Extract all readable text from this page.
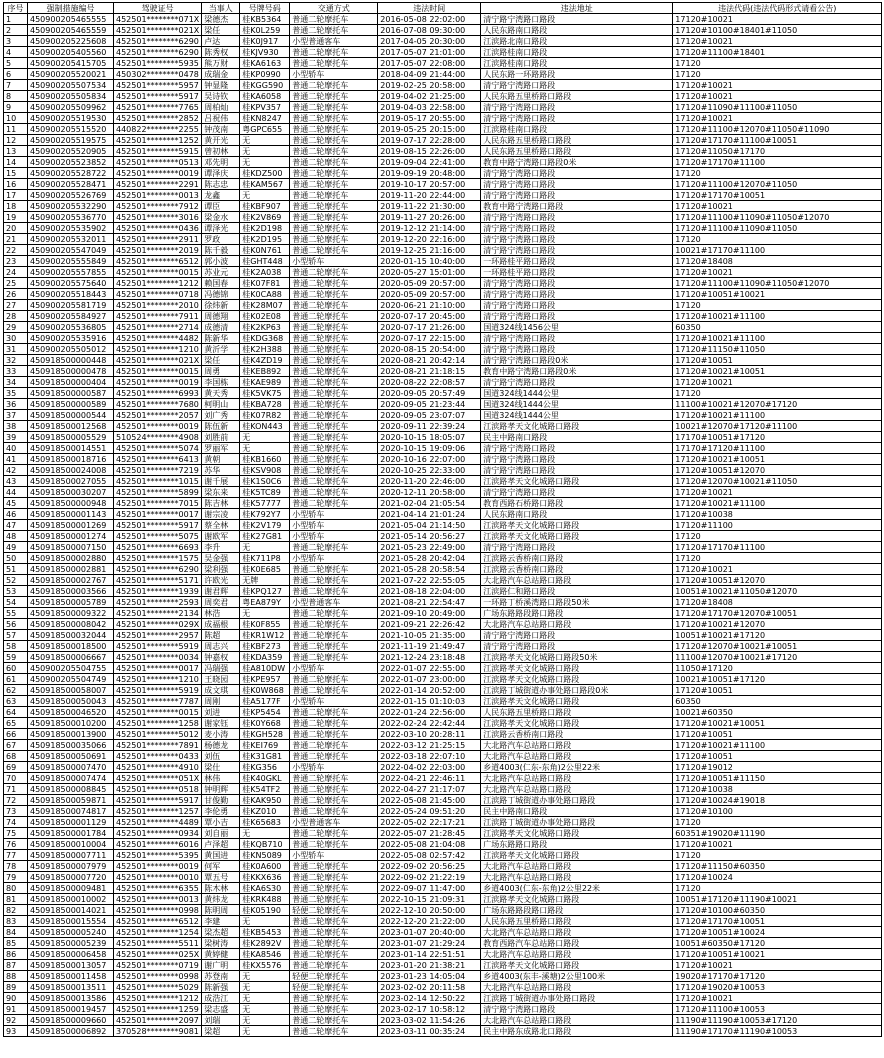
序号	强制措施编号	驾驶证号	当事人	号牌号码	交通方式	违法时间	违法地址	违法代码(违法代码形式请看公告)
1	450900205465555	452501********071X	梁德杰	桂KB5364	普通二轮摩托车	2016-05-08 22:02:00	清宁路宁湾路口路段	17120#10021
2	450900205465559	452501********021X	梁任	桂K0L259	普通二轮摩托车	2016-07-08 09:30:00	人民东路南口路段	17120#10100#18401#11050
3	450900205225608	452501********6290	卢达	桂K0J917	小型普通客车	2017-04-05 20:30:00	江滨路北南口路段	17120#10021
4	450900205405560	452501********6290	陈秀权	桂KJV930	普通二轮摩托车	2017-05-07 21:01:00	江滨路桂南口路段	17120#11100#18401
5	450900205415705	452501********5935	熊万财	桂KA6163	普通二轮摩托车	2017-05-07 22:08:00	江滨路桂南口路段	17120
6	450900205520021	450302********0478	成瑞金	桂KP0990	小型轿车	2018-04-09 21:44:00	人民东路一环路路段	17120
7	450900205507534	452501********5957	钟显隆	桂KGG590	普通二轮摩托车	2019-02-25 20:58:00	清宁路宁湾路口路段	17120#10021
8	450900205505834	452501********5917	吴诗钦	桂KA6058	普通二轮摩托车	2019-04-02 21:25:00	人民东路五里桥路口路段	17120#10021
9	450900205509962	452501********7765	周柏灿	桂KPV357	普通二轮摩托车	2019-04-03 22:58:00	清宁路宁湾路口路段	17120#11090#11100#11050
10	450900205519530	452501********2852	吕祝伟	桂KN8247	普通二轮摩托车	2019-05-17 20:55:00	清宁路宁湾路口路段	17120#10021
11	450900205515520	440822********2255	钟茂南	粤GPC655	普通二轮摩托车	2019-05-25 20:15:00	江滨路桂南口路段	17120#11100#12070#11050#11090
12	450900205519575	452501********1252	黄开光	无	普通二轮摩托车	2019-07-17 22:28:00	人民东路五里桥路口路段	17120#17170#11100#10051
13	450900205520905	452501********5915	曾初林	无	普通二轮摩托车	2019-08-15 22:26:00	人民东路五里桥路口路段	17120#11050#17170
14	450900205523852	452501********0513	邓先明	无	普通二轮摩托车	2019-09-04 22:41:00	教育中路宁湾路口路段0米	17120#17170#11100
15	450900205528722	452501********0019	谭泽庆	桂KDZ500	普通二轮摩托车	2019-09-19 20:48:00	清宁路宁湾路口路段	17120
16	450900205528471	452501********2291	陈志忠	桂KAM567	普通二轮摩托车	2019-10-17 20:57:00	清宁路宁湾路口路段	17120#11100#12070#11050
17	450900205526769	452501********0013	龙鑫	无	普通二轮摩托车	2019-11-20 22:44:00	清宁路宁湾路口路段	17120#17170#10051
18	450900205532290	452501********7912	谭臣	桂KBF907	普通二轮摩托车	2019-11-22 21:30:00	教育中路宁湾路口路段	17120#10021
19	450900205536770	452501********3016	梁金水	桂K2V869	普通二轮摩托车	2019-11-27 20:26:00	清宁路宁湾路口路段	17120#11100#11090#11050#12070
20	450900205535902	452501********0436	谭泽光	桂K2D198	普通二轮摩托车	2019-12-12 21:14:00	清宁路宁湾路口路段	17120#11100#11090#11050
21	450900205532011	452501********2911	罗政	桂K2D195	普通二轮摩托车	2019-12-20 22:16:00	清宁路宁湾路口路段	17120
22	450900205547049	452501********2019	陈千毅	桂K0N761	普通二轮摩托车	2019-12-25 21:16:00	清宁路宁湾路口路段	10021#17170#11100
23	450900205555849	452501********6512	郭小波	桂GHT448	小型轿车	2020-01-15 10:40:00	一环路桂平路口路段	17120#18408
24	450900205557855	452501********0015	苏业元	桂K2A038	普通二轮摩托车	2020-05-27 15:01:00	一环路桂平路口路段	17120#10021
25	450900205575640	452501********1212	赖国春	桂K07F81	普通二轮摩托车	2020-05-09 20:57:00	清宁路宁湾路口路段	17120#11100#11090#11050#12070
26	450900205518443	452501********0718	冯德锦	桂K0CA88	普通二轮摩托车	2020-05-09 20:57:00	清宁路宁湾路口路段	17120#10051#10021
27	450900205581719	452501********2010	徐炜新	桂K28M07	普通二轮摩托车	2020-06-21 21:10:00	清宁路宁湾路口路段	17120
28	450900205584927	452501********7911	周德翔	桂K02E08	普通二轮摩托车	2020-07-17 20:45:00	清宁路宁湾路口路段	17120#10021#11100
29	450900205536805	452501********2714	成德清	桂K2KP63	普通二轮摩托车	2020-07-17 21:26:00	国道324线1456公里	60350
30	450900205535916	452501********4482	陈新华	桂KDG368	普通二轮摩托车	2020-07-17 22:15:00	清宁路宁湾路口路段	17120#10021#11100
31	450900205505012	452501********1210	黄沂学	桂K2H388	普通二轮摩托车	2020-08-15 20:54:00	清宁路宁湾路口路段	17120#11150#11050
32	450918500000448	452501********021X	梁任	桂K4ZD19	普通二轮摩托车	2020-08-21 20:42:14	清宁路宁湾路口路段0米	17120#10051
33	450918500000478	452501********0015	周勇	桂KEB892	普通二轮摩托车	2020-08-21 21:18:15	教育中路宁湾路口路段0米	17120#10021#10051
34	450918500000404	452501********0019	李国栋	桂KAE989	普通二轮摩托车	2020-08-22 22:08:57	清宁路宁湾路口路段	17120#10021
35	450918500000587	452501********6993	黄天秀	桂K5VK75	普通二轮摩托车	2020-09-05 20:57:49	国道324线1444公里	17120
36	450918500000589	452501********7680	柯明山	桂KBA728	普通二轮摩托车	2020-09-05 21:23:44	国道324线1444公里	11100#10021#12070#17120
37	450918500000544	452501********2057	刘广秀	桂K07R82	普通二轮摩托车	2020-09-05 23:07:07	国道324线1444公里	17120#10021#11100
38	450918500012568	452501********0019	陈伍新	桂KON443	普通二轮摩托车	2020-09-11 22:39:24	江滨路孝天文化城路口路段	10021#12070#17120#11100
39	450918500005529	510524********4908	刘胜前	无	普通二轮摩托车	2020-10-15 18:05:07	民主中路南口路段	17170#10051#17120
40	450918500014551	452501********5074	罗丽军	无	普通二轮摩托车	2020-10-15 19:09:06	清宁路宁湾路口路段	17170#17120#11100
41	450918500018716	452501********6413	黄朝	桂KB1660	普通二轮摩托车	2020-10-16 22:07:00	清宁路宁湾路口路段	17120#10021#10051
42	450918500024008	452501********7219	苏华	桂KSV908	普通二轮摩托车	2020-10-25 22:33:00	清宁路宁湾路口路段	17120#10051#12070
43	450918500027055	452501********1015	谢千展	桂K1S0C6	普通二轮摩托车	2020-11-20 22:46:00	江滨路孝天文化城路口路段	17120#12070#10021#11050
44	450918500030207	452501********5899	梁东来	桂K5TC89	普通二轮摩托车	2020-12-11 20:58:00	清宁路宁湾路口路段	17120#10021
45	450918500000948	452501********7015	陈吉林	桂K57777	普通二轮摩托车	2021-02-04 21:05:54	教育西路石桥路口路段	17120#10021#11100
46	450918500001143	452501********0017	谢宗凌	桂K792Y7	小型轿车	2021-04-14 21:01:24	人民东路南口路段	17120#10038
47	450918500001269	452501********5917	蔡全林	桂K2V179	小型轿车	2021-05-04 21:14:50	江滨路孝天文化城路口路段	17120#11100
48	450918500001274	452501********5075	谢欧军	桂K27G81	小型轿车	2021-05-14 20:56:27	江滨路孝天文化城路口路段	17120
49	450918500007150	452501********6693	李升	无	普通二轮摩托车	2021-05-23 22:49:00	清宁路宁湾路口路段	17120#17170#11100
50	450918500002880	452501********1575	吴金强	桂K711P8	小型轿车	2021-05-28 20:42:04	江滨路云香桥南口路段	17120
51	450918500002881	452501********6290	梁利强	桂K0E685	普通二轮摩托车	2021-05-28 20:58:54	江滨路云香桥南口路段	17120#10021
52	450918500002767	452501********5171	许欧光	无牌	普通二轮摩托车	2021-07-22 22:55:05	大北路汽车总站路口路段	17120#10051#12070
53	450918500003566	452501********1939	谢君辉	桂KPQ127	普通二轮摩托车	2021-08-18 22:04:00	江滨路仁和路口路段	10051#10021#11050#12070
54	450918500005789	452501********2593	周奕君	粤EA879Y	小型普通客车	2021-08-21 22:54:47	一环路丁桥溪湾路口路段50米	17120#18408
55	450918500009322	452501********2134	林浩	无	普通二轮摩托车	2021-09-10 20:49:00	广场东路路段路口路段	17120#17170#12070#10051
56	450918500008042	452501********029X	成福根	桂K0F855	普通二轮摩托车	2021-09-21 22:26:42	大北路汽车总站路口路段	17120#10021#12070
57	450918500032044	452501********2957	陈超	桂KR1W12	普通二轮摩托车	2021-10-05 21:35:00	清宁路宁湾路口路段	10051#10021#17120
58	450918500018500	452501********5919	周志兴	桂KBF273	普通二轮摩托车	2021-11-19 21:49:47	清宁路宁湾路口路段	17120#12070#10021#10051
59	450918500006667	452501********0034	钟嘉权	桂KDA359	普通二轮摩托车	2021-12-24 23:18:48	江滨路孝天文化城路口路段50米	11100#12070#10021#17120
60	450900205504755	452501********0017	冯瑞强	桂A810DW	小型轿车	2022-01-07 22:55:00	江滨路孝天文化城路口路段	11050#17120
61	450900205504749	452501********1210	王晓园	桂KPE957	普通二轮摩托车	2022-01-07 23:00:00	江滨路孝天文化城路口路段	10021#10051#17120
62	450918500058007	452501********5919	成文琪	桂K0W868	普通二轮摩托车	2022-01-14 20:52:00	江滨路丁城街道办事处路口路段0米	17120#10051
63	450918500050043	452501********7787	周刚	桂A5177F	小型轿车	2022-01-15 01:10:03	江滨路孝天文化城路口路段	60350
64	450918500046520	452501********0015	刘进	桂KP5454	普通二轮摩托车	2022-01-24 22:56:00	人民东路五里桥路口路段	10021#60350
65	450918500010200	452501********1258	谢家钰	桂K0Y668	普通二轮摩托车	2022-02-24 22:42:44	江滨路孝天文化城路口路段	17120#10021#10051
66	450918500013900	452501********5012	麦小涛	桂KGH528	普通二轮摩托车	2022-03-10 20:28:11	江滨路云香桥南口路段	17120#10051
67	450918500035066	452501********7891	杨德龙	桂KEI769	普通二轮摩托车	2022-03-12 21:25:15	大北路汽车总站路口路段	17120#10021#11100
68	450918500050691	452501********0433	刘伍	桂K31G81	普通二轮摩托车	2022-03-18 22:07:10	大北路汽车总站路口路段	17120#10051
69	450918500007470	452501********4910	梁仕	桂KG356	小型轿车	2022-04-02 22:03:00	乡道4003(仁东-东角)2公里22米	17120#19012
70	450918500007474	452501********051X	林伟	桂K40GKL	普通二轮摩托车	2022-04-21 22:46:11	大北路汽车总站路口路段	17120#10051#11150
71	450918500008845	452501********0518	钟明辉	桂K54TF2	普通二轮摩托车	2022-04-27 21:17:07	大北路汽车总站路口路段	17120#10038
72	450918500059871	452501********5917	甘俊勤	桂KAK950	普通二轮摩托车	2022-05-08 21:45:00	江滨路丁城街道办事处路口路段	17120#10024#19018
73	450918500074817	452501********1257	李伦勇	桂KZ010	普通二轮摩托车	2022-05-24 09:51:20	民主中路南口路段	17120#10100
74	450918500001129	452501********4489	覃小吉	桂K65683	小型普通客车	2022-05-02 22:17:21	江滨路丁城街道办事处路口路段	17120
75	450918500001784	452501********0934	刘自丽	无	普通二轮摩托车	2022-05-07 21:28:45	江滨路孝天文化城路口路段	60351#19020#11190
76	450918500010004	452501********6016	卢泽超	桂KQB710	普通二轮摩托车	2022-05-08 21:04:08	广场东路路口路段	17120#10021
77	450918500007711	452501********5395	黄国进	桂KN5089	小型轿车	2022-05-08 02:57:42	江滨路孝天文化城路口路段	17120
78	450918500007979	452501********0019	何军	桂K0A600	普通二轮摩托车	2022-09-02 20:56:25	大北路汽车总站路口路段	17120#11150#60350
79	450918500007720	452501********0010	覃五号	桂KKX636	普通二轮摩托车	2022-09-02 21:22:19	大北路汽车总站路口路段	17120#10024
80	450918500009481	452501********6355	陈木林	桂KA6S30	普通二轮摩托车	2022-09-07 11:47:00	乡道4003(仁东-东角)2公里22米	17120
81	450918500010002	452501********0013	黄炜龙	桂KRK488	普通二轮摩托车	2022-10-15 21:09:31	江滨路孝天文化城路口路段	10051#17120#11190#10021
82	450918500014021	452501********0998	陈明周	桂K05190	轻便二轮摩托车	2022-12-10 20:50:00	广场东路路段路口路段	17120#10100#60350
83	450918500015554	452501********6512	李建	无	普通二轮摩托车	2022-12-20 21:22:00	人民东路五里桥路口路段	17120#17170#10051
84	450918500005240	452501********1254	梁杰超	桂KB5453	普通二轮摩托车	2023-01-07 20:40:00	大北路汽车总站路口路段	17120#10051#10024
85	450918500005239	452501********5511	梁树涛	桂K2892V	普通二轮摩托车	2023-01-07 21:29:24	教育西路汽车总站路口路段	10051#60350#17120
86	450918500006458	452501********025X	黄婷健	桂KA8546	普通二轮摩托车	2023-01-14 22:51:51	大北路汽车总站路口路段	17120#10051#10021
87	450918500013057	452501********0719	谢广明	桂KX5576	普通二轮摩托车	2023-01-20 21:38:21	江滨路孝天文化城路口路段	17120#10021
88	450918500011458	452501********0998	苏登南	无	轻便二轮摩托车	2023-01-23 14:05:04	乡道4003(东丰-溪塘)2公里100米	19020#17170#17120
89	450918500013511	452501********5029	陈新强	无	轻便二轮摩托车	2023-02-02 20:11:58	大北路汽车总站路口路段	17120#19020#10053
90	450918500013586	452501********1212	成浩江	无	普通二轮摩托车	2023-02-14 12:50:22	江滨路丁城街道办事处路口路段	17120#10021
91	450918500019457	452501********1259	梁志盛	无	普通二轮摩托车	2023-02-17 10:58:12	清宁路宁湾路口路段	17120#11100#10053
92	450918500009660	452501********2097	刘瑞	无	普通二轮摩托车	2023-03-02 11:54:26	大北路汽车总站路口路段	11190#11190#10053#17120
93	450918500006892	370528********9081	梁超	无	普通二轮摩托车	2023-03-11 00:35:24	民主中路东成路北口路段	11190#17170#11190#10053
